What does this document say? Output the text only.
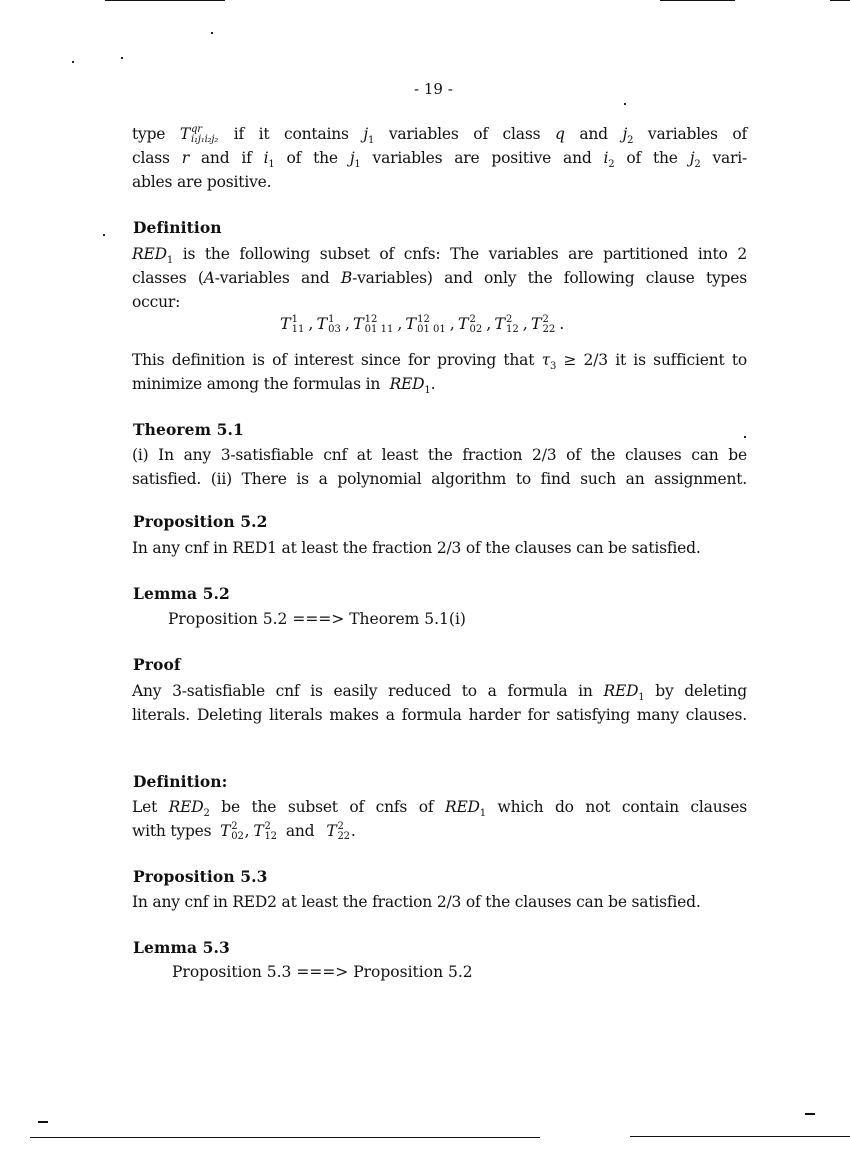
- 19 -
type T qr
i₁j₁i₂j₂ if it contains $j_1$ variables of class q and $j_2$ variables of
class r and if $i_1$ of the $j_1$ variables are positive and $i_2$ of the $j_2$ vari-
ables are positive.
Definition
$RED_1$ is the following subset of cnfs: The variables are partitioned into 2
classes (A-variables and B-variables) and only the following clause types
occur:
T 1
11 , T 1
03 , T 12
01 11 , T 12
01 01 , T 2
02 , T 2
12 , T 2
22 .
This definition is of interest since for proving that $\tau_3 \ge 2/3$ it is sufficient to
minimize among the formulas in $RED_1$.
Theorem 5.1
(i) In any 3-satisfiable cnf at least the fraction 2/3 of the clauses can be
satisfied. (ii) There is a polynomial algorithm to find such an assignment.
Proposition 5.2
In any cnf in RED1 at least the fraction 2/3 of the clauses can be satisfied.
Lemma 5.2
Proposition 5.2 ===> Theorem 5.1(i)
Proof
Any 3-satisfiable cnf is easily reduced to a formula in $RED_1$ by deleting
literals. Deleting literals makes a formula harder for satisfying many clauses.
Definition:
Let $RED_2$ be the subset of cnfs of $RED_1$ which do not contain clauses
with types T 2
02 , T 2
12 and T 2
22 .
Proposition 5.3
In any cnf in RED2 at least the fraction 2/3 of the clauses can be satisfied.
Lemma 5.3
Proposition 5.3 ===> Proposition 5.2
